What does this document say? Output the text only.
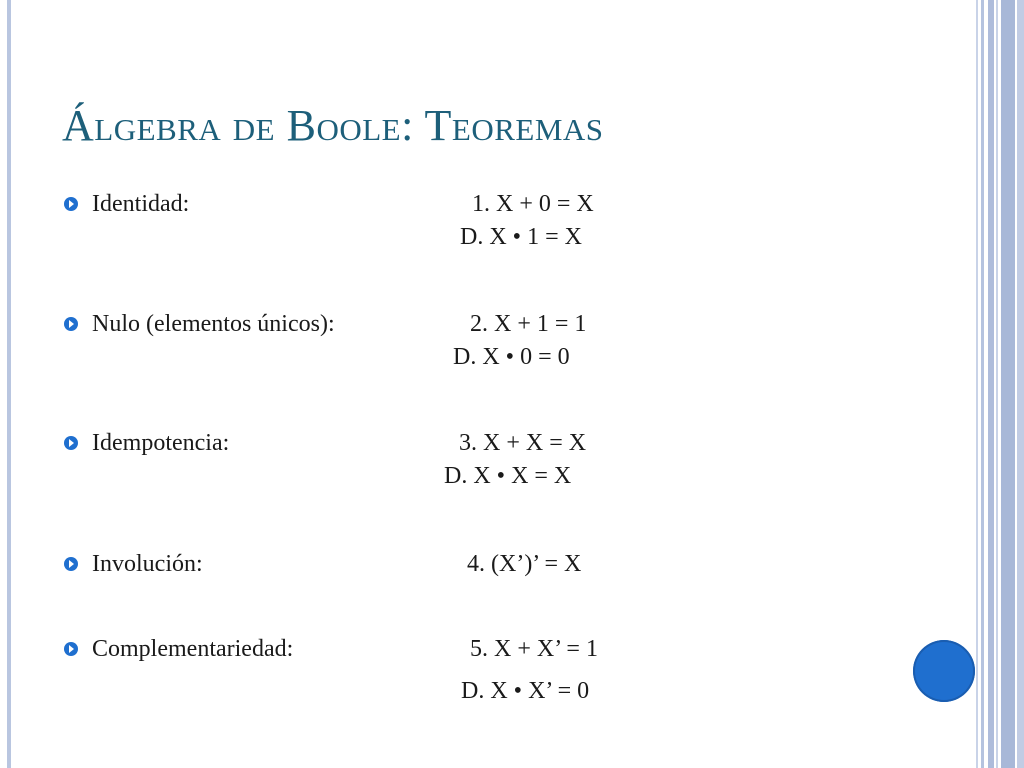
Álgebra de Boole: Teoremas
Identidad:	1. X + 0 = X
D. X • 1 = X
Nulo (elementos únicos):	2. X + 1 = 1
D. X • 0 = 0
Idempotencia:	3. X + X = X
D. X • X = X
Involución:	4. (X’)’ = X
Complementariedad:	5. X + X’ = 1
D. X • X’ = 0
